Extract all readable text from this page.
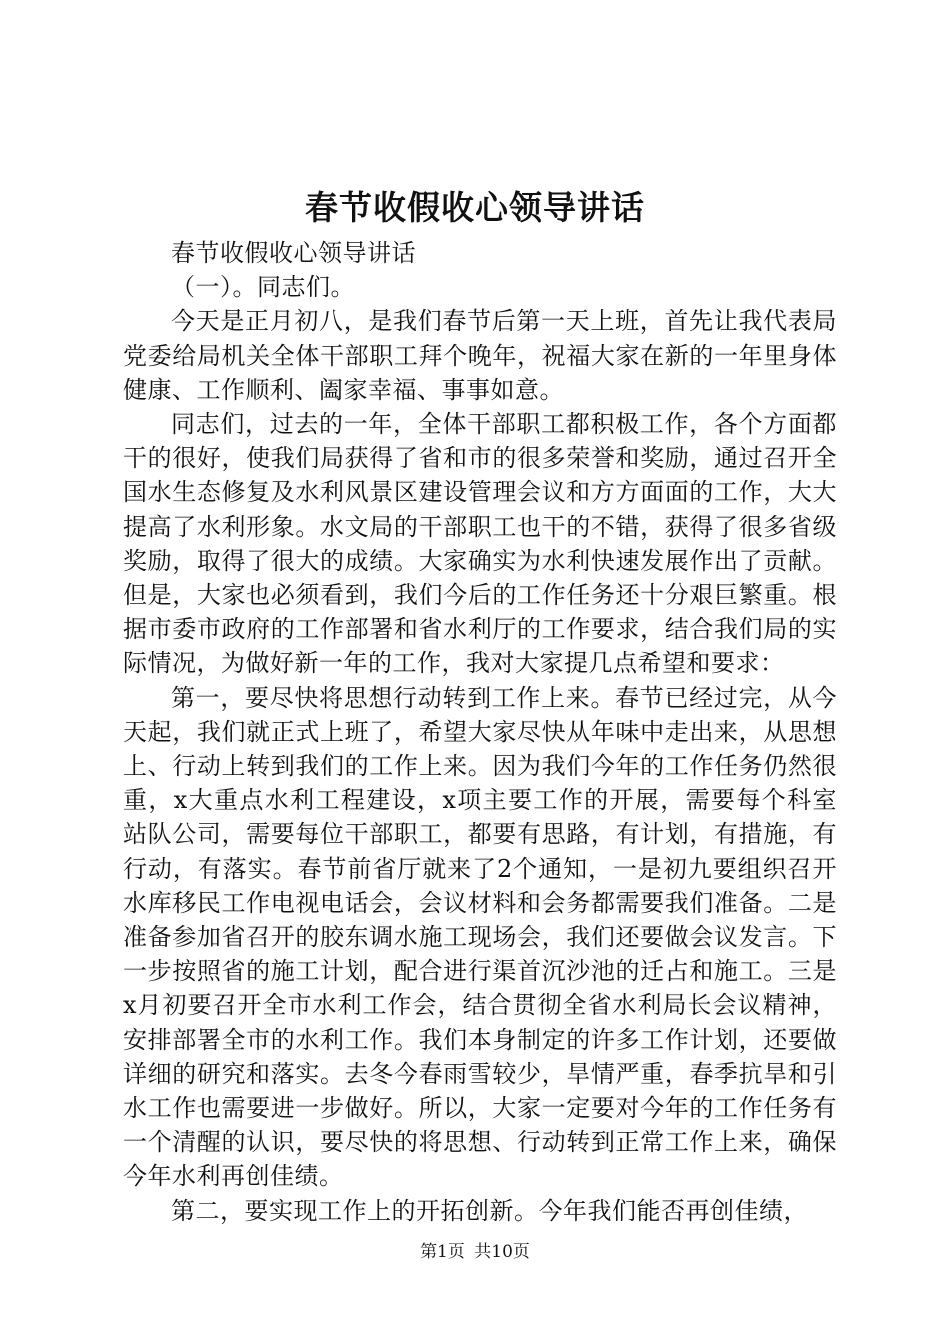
春节收假收心领导讲话

春节收假收心领导讲话

（一）。同志们。

今天是正月初八，是我们春节后第一天上班，首先让我代表局党委给局机关全体干部职工拜个晚年，祝福大家在新的一年里身体健康、工作顺利、阖家幸福、事事如意。

同志们，过去的一年，全体干部职工都积极工作，各个方面都干的很好，使我们局获得了省和市的很多荣誉和奖励，通过召开全国水生态修复及水利风景区建设管理会议和方方面面的工作，大大提高了水利形象。水文局的干部职工也干的不错，获得了很多省级奖励，取得了很大的成绩。大家确实为水利快速发展作出了贡献。但是，大家也必须看到，我们今后的工作任务还十分艰巨繁重。根据市委市政府的工作部署和省水利厅的工作要求，结合我们局的实际情况，为做好新一年的工作，我对大家提几点希望和要求：

第一，要尽快将思想行动转到工作上来。春节已经过完，从今天起，我们就正式上班了，希望大家尽快从年味中走出来，从思想上、行动上转到我们的工作上来。因为我们今年的工作任务仍然很重，x大重点水利工程建设，x项主要工作的开展，需要每个科室站队公司，需要每位干部职工，都要有思路，有计划，有措施，有行动，有落实。春节前省厅就来了2个通知，一是初九要组织召开水库移民工作电视电话会，会议材料和会务都需要我们准备。二是准备参加省召开的胶东调水施工现场会，我们还要做会议发言。下一步按照省的施工计划，配合进行渠首沉沙池的迁占和施工。三是x月初要召开全市水利工作会，结合贯彻全省水利局长会议精神，安排部署全市的水利工作。我们本身制定的许多工作计划，还要做详细的研究和落实。去冬今春雨雪较少，旱情严重，春季抗旱和引水工作也需要进一步做好。所以，大家一定要对今年的工作任务有一个清醒的认识，要尽快的将思想、行动转到正常工作上来，确保今年水利再创佳绩。

第二，要实现工作上的开拓创新。今年我们能否再创佳绩，

第1页 共10页
